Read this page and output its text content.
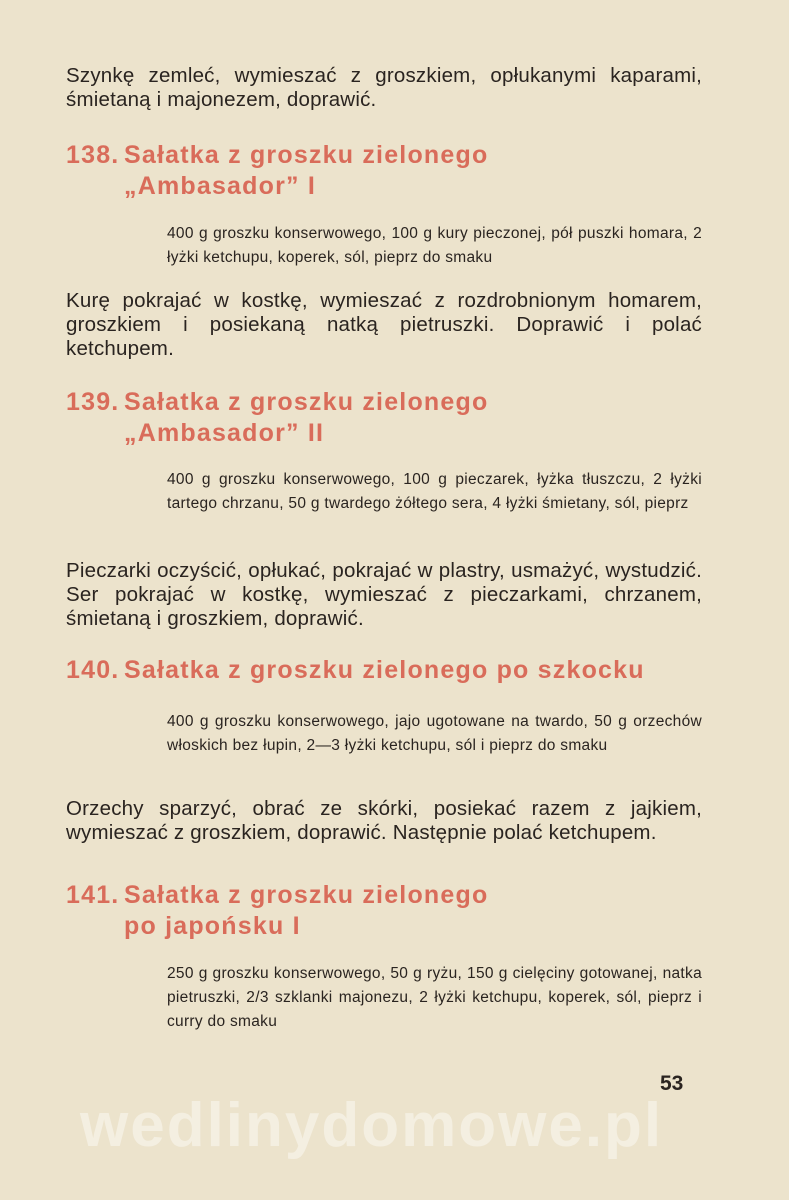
Szynkę zemleć, wymieszać z groszkiem, opłukanymi kaparami, śmietaną i majonezem, doprawić.

138. Sałatka z groszku zielonego
„Ambasador” I

400 g groszku konserwowego, 100 g kury pieczonej, pół puszki homara, 2 łyżki ketchupu, koperek, sól, pieprz do smaku

Kurę pokrajać w kostkę, wymieszać z rozdrobnionym homarem, groszkiem i posiekaną natką pietruszki. Doprawić i polać ketchupem.

139. Sałatka z groszku zielonego
„Ambasador” II

400 g groszku konserwowego, 100 g pieczarek, łyżka tłuszczu, 2 łyżki tartego chrzanu, 50 g twardego żółtego sera, 4 łyżki śmietany, sól, pieprz

Pieczarki oczyścić, opłukać, pokrajać w plastry, usmażyć, wystudzić. Ser pokrajać w kostkę, wymieszać z pieczarkami, chrzanem, śmietaną i groszkiem, doprawić.

140. Sałatka z groszku zielonego po szkocku

400 g groszku konserwowego, jajo ugotowane na twardo, 50 g orzechów włoskich bez łupin, 2—3 łyżki ketchupu, sól i pieprz do smaku

Orzechy sparzyć, obrać ze skórki, posiekać razem z jajkiem, wymieszać z groszkiem, doprawić. Następnie polać ketchupem.

141. Sałatka z groszku zielonego
po japońsku I

250 g groszku konserwowego, 50 g ryżu, 150 g cielęciny gotowanej, natka pietruszki, 2/3 szklanki majonezu, 2 łyżki ketchupu, koperek, sól, pieprz i curry do smaku

53
wedlinydomowe.pl
